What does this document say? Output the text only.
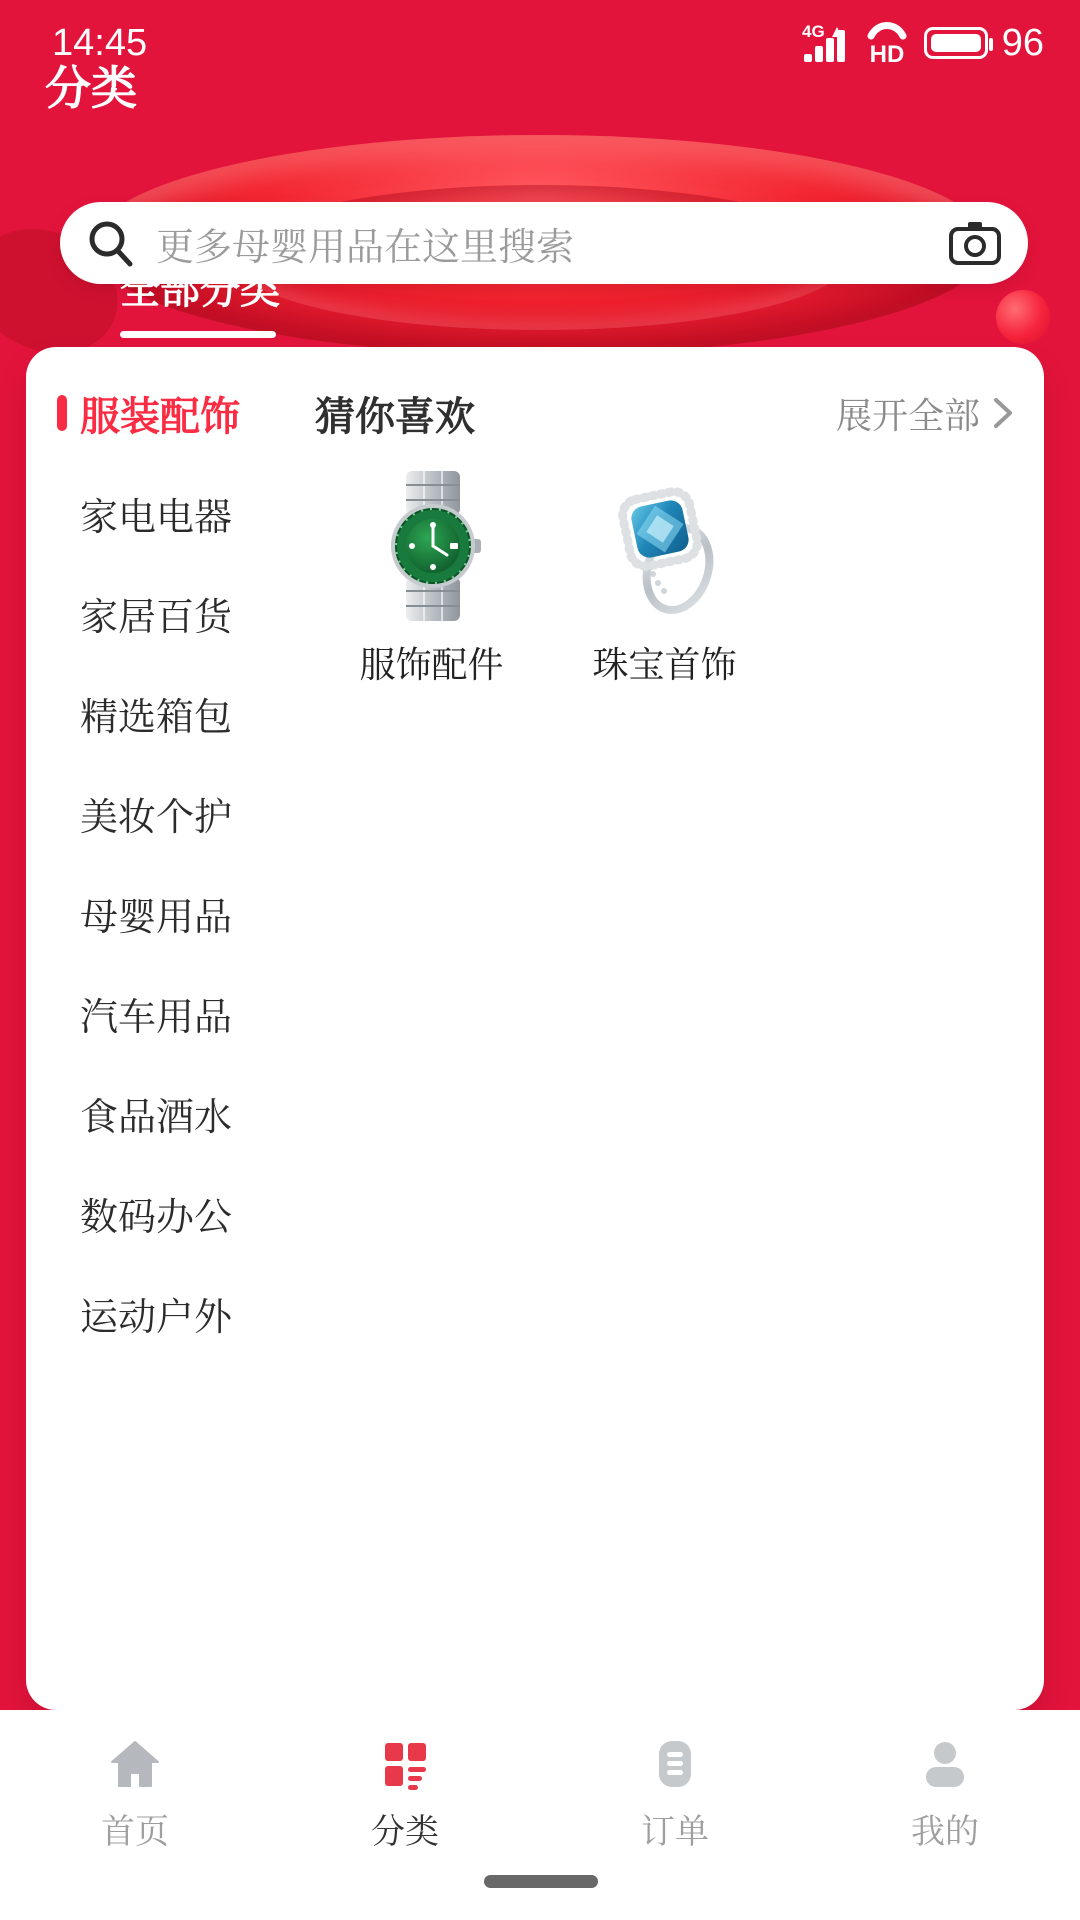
14:45	4G
HD	96
分类
更多母婴用品在这里搜索
全部分类
服装配饰
家电电器
家居百货
精选箱包
美妆个护
母婴用品
汽车用品
食品酒水
数码办公
运动户外
猜你喜欢	展开全部
服饰配件 珠宝首饰
首页	分类	订单	我的
